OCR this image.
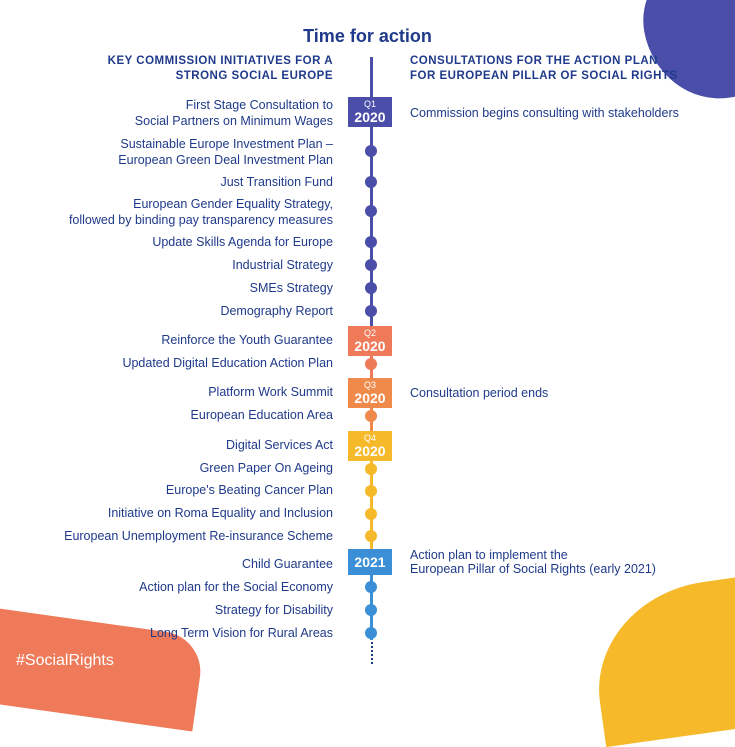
#SocialRights
Time for action
KEY COMMISSION INITIATIVES FOR A
STRONG SOCIAL EUROPE
CONSULTATIONS FOR THE ACTION PLAN
FOR EUROPEAN PILLAR OF SOCIAL RIGHTS
Q1
2020
Q2
2020
Q3
2020
Q4
2020
2021
First Stage Consultation to
Social Partners on Minimum Wages
Sustainable Europe Investment Plan –
European Green Deal Investment Plan
Just Transition Fund
European Gender Equality Strategy,
followed by binding pay transparency measures
Update Skills Agenda for Europe
Industrial Strategy
SMEs Strategy
Demography Report
Reinforce the Youth Guarantee
Updated Digital Education Action Plan
Platform Work Summit
European Education Area
Digital Services Act
Green Paper On Ageing
Europe's Beating Cancer Plan
Initiative on Roma Equality and Inclusion
European Unemployment Re-insurance Scheme
Child Guarantee
Action plan for the Social Economy
Strategy for Disability
Long Term Vision for Rural Areas
Commission begins consulting with stakeholders
Consultation period ends
Action plan to implement the
European Pillar of Social Rights (early 2021)
